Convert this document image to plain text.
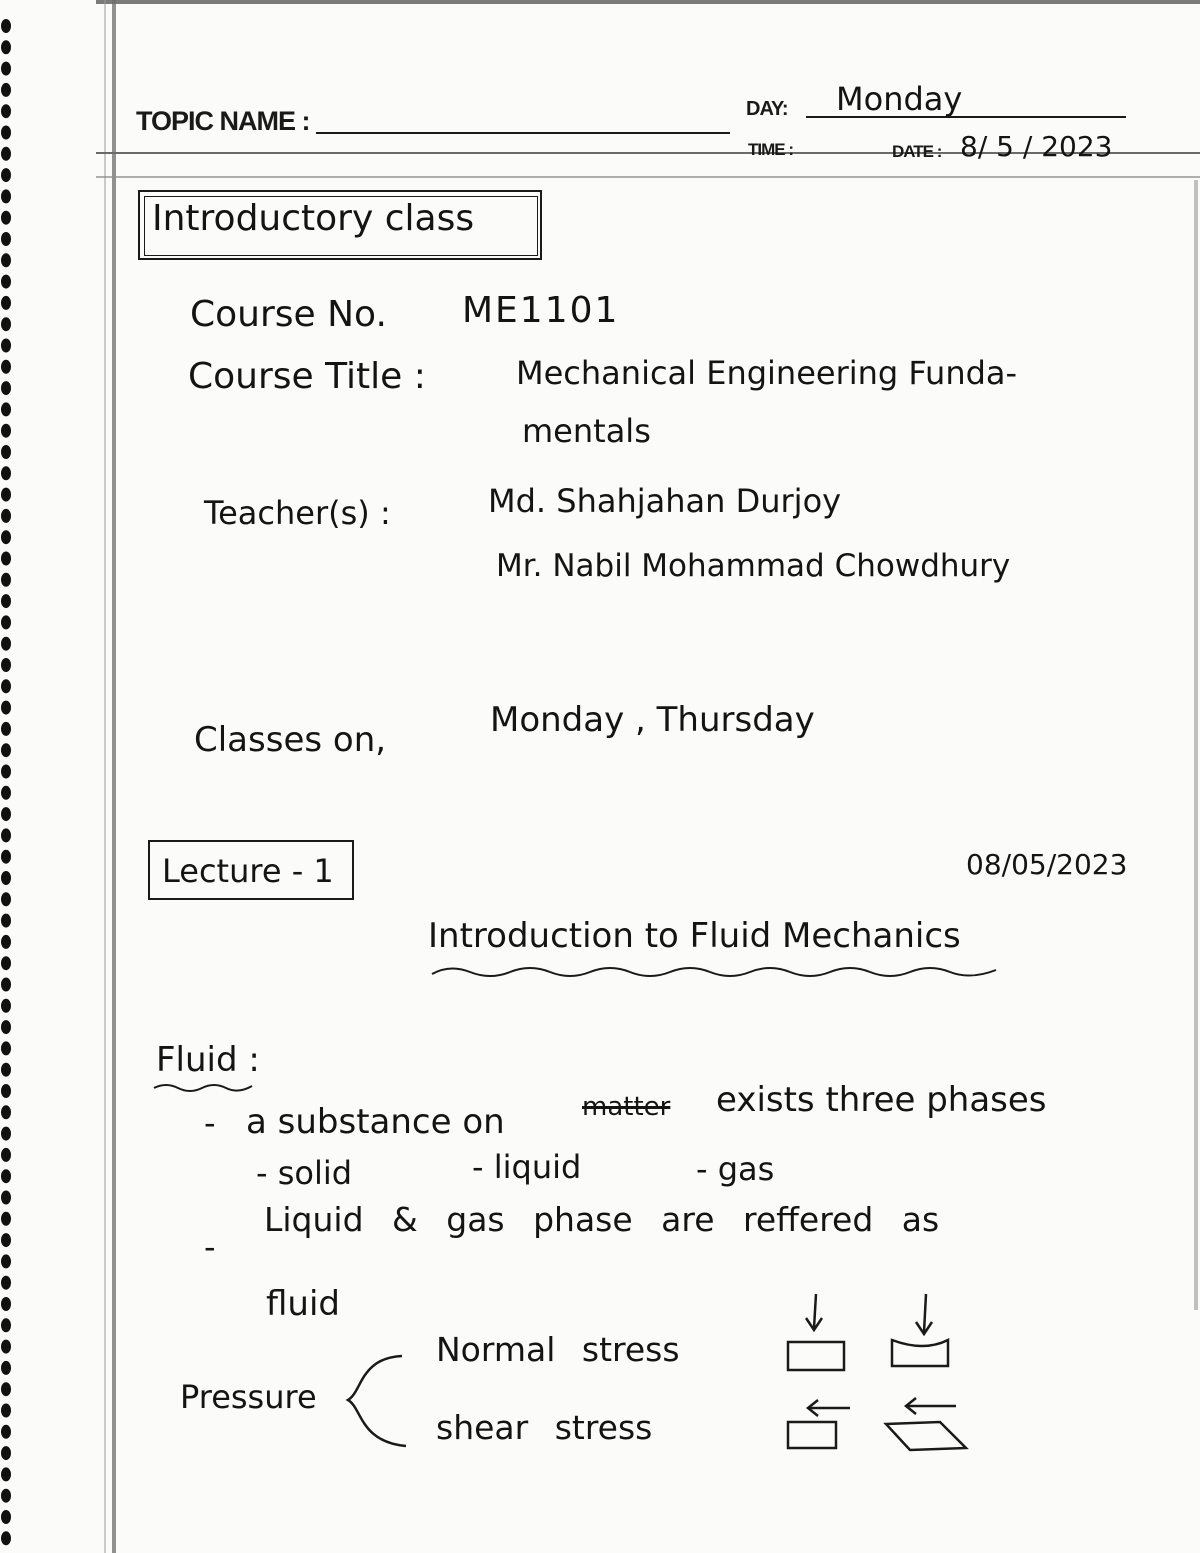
TOPIC NAME :	DAY: Monday
TIME :	DATE : 8/ 5 / 2023
Introductory class
Course No. ME1101
Course Title :	Mechanical Engineering Funda-
mentals
Teacher(s) :	Md. Shahjahan Durjoy
Mr. Nabil Mohammad Chowdhury
Classes on,	Monday , Thursday
Lecture - 1	08/05/2023
Introduction to Fluid Mechanics
Fluid :
- a substance on	matter exists three phases
- solid	- liquid	- gas
-
Liquid & gas phase are reffered as
fluid
Pressure
Normal stress
shear stress
